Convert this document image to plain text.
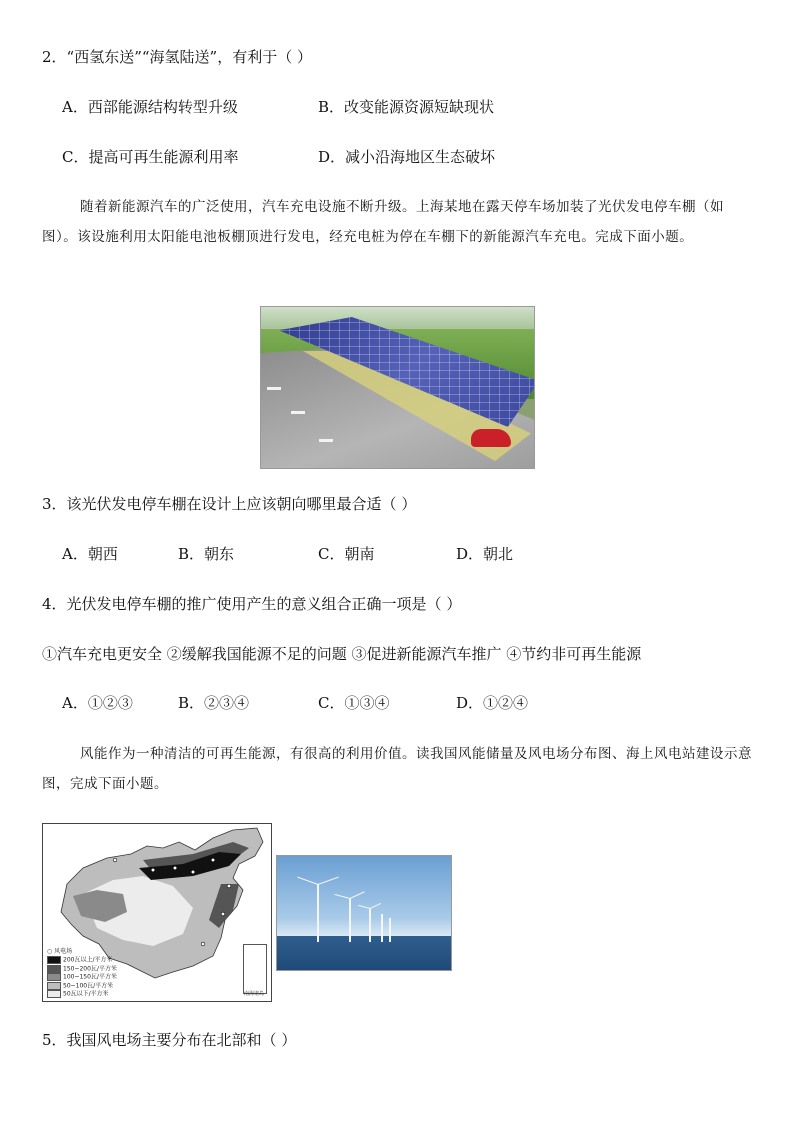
2．“西氢东送”“海氢陆送”，有利于（ ）
A．西部能源结构转型升级	B．改变能源资源短缺现状
C．提高可再生能源利用率	D．减小沿海地区生态破坏
随着新能源汽车的广泛使用，汽车充电设施不断升级。上海某地在露天停车场加装了光伏发电停车棚（如图）。该设施利用太阳能电池板棚顶进行发电，经充电桩为停在车棚下的新能源汽车充电。完成下面小题。
3．该光伏发电停车棚在设计上应该朝向哪里最合适（ ）
A．朝西	B．朝东	C．朝南	D．朝北
4．光伏发电停车棚的推广使用产生的意义组合正确一项是（ ）
①汽车充电更安全 ②缓解我国能源不足的问题 ③促进新能源汽车推广 ④节约非可再生能源
A．①②③	B．②③④	C．①③④	D．①②④
风能作为一种清洁的可再生能源，有很高的利用价值。读我国风能储量及风电场分布图、海上风电站建设示意图，完成下面小题。
○ 风电场
200瓦以上/平方米
150~200瓦/平方米
100~150瓦/平方米
50~100瓦/平方米
50瓦以下/平方米	南海诸岛
5．我国风电场主要分布在北部和（ ）
